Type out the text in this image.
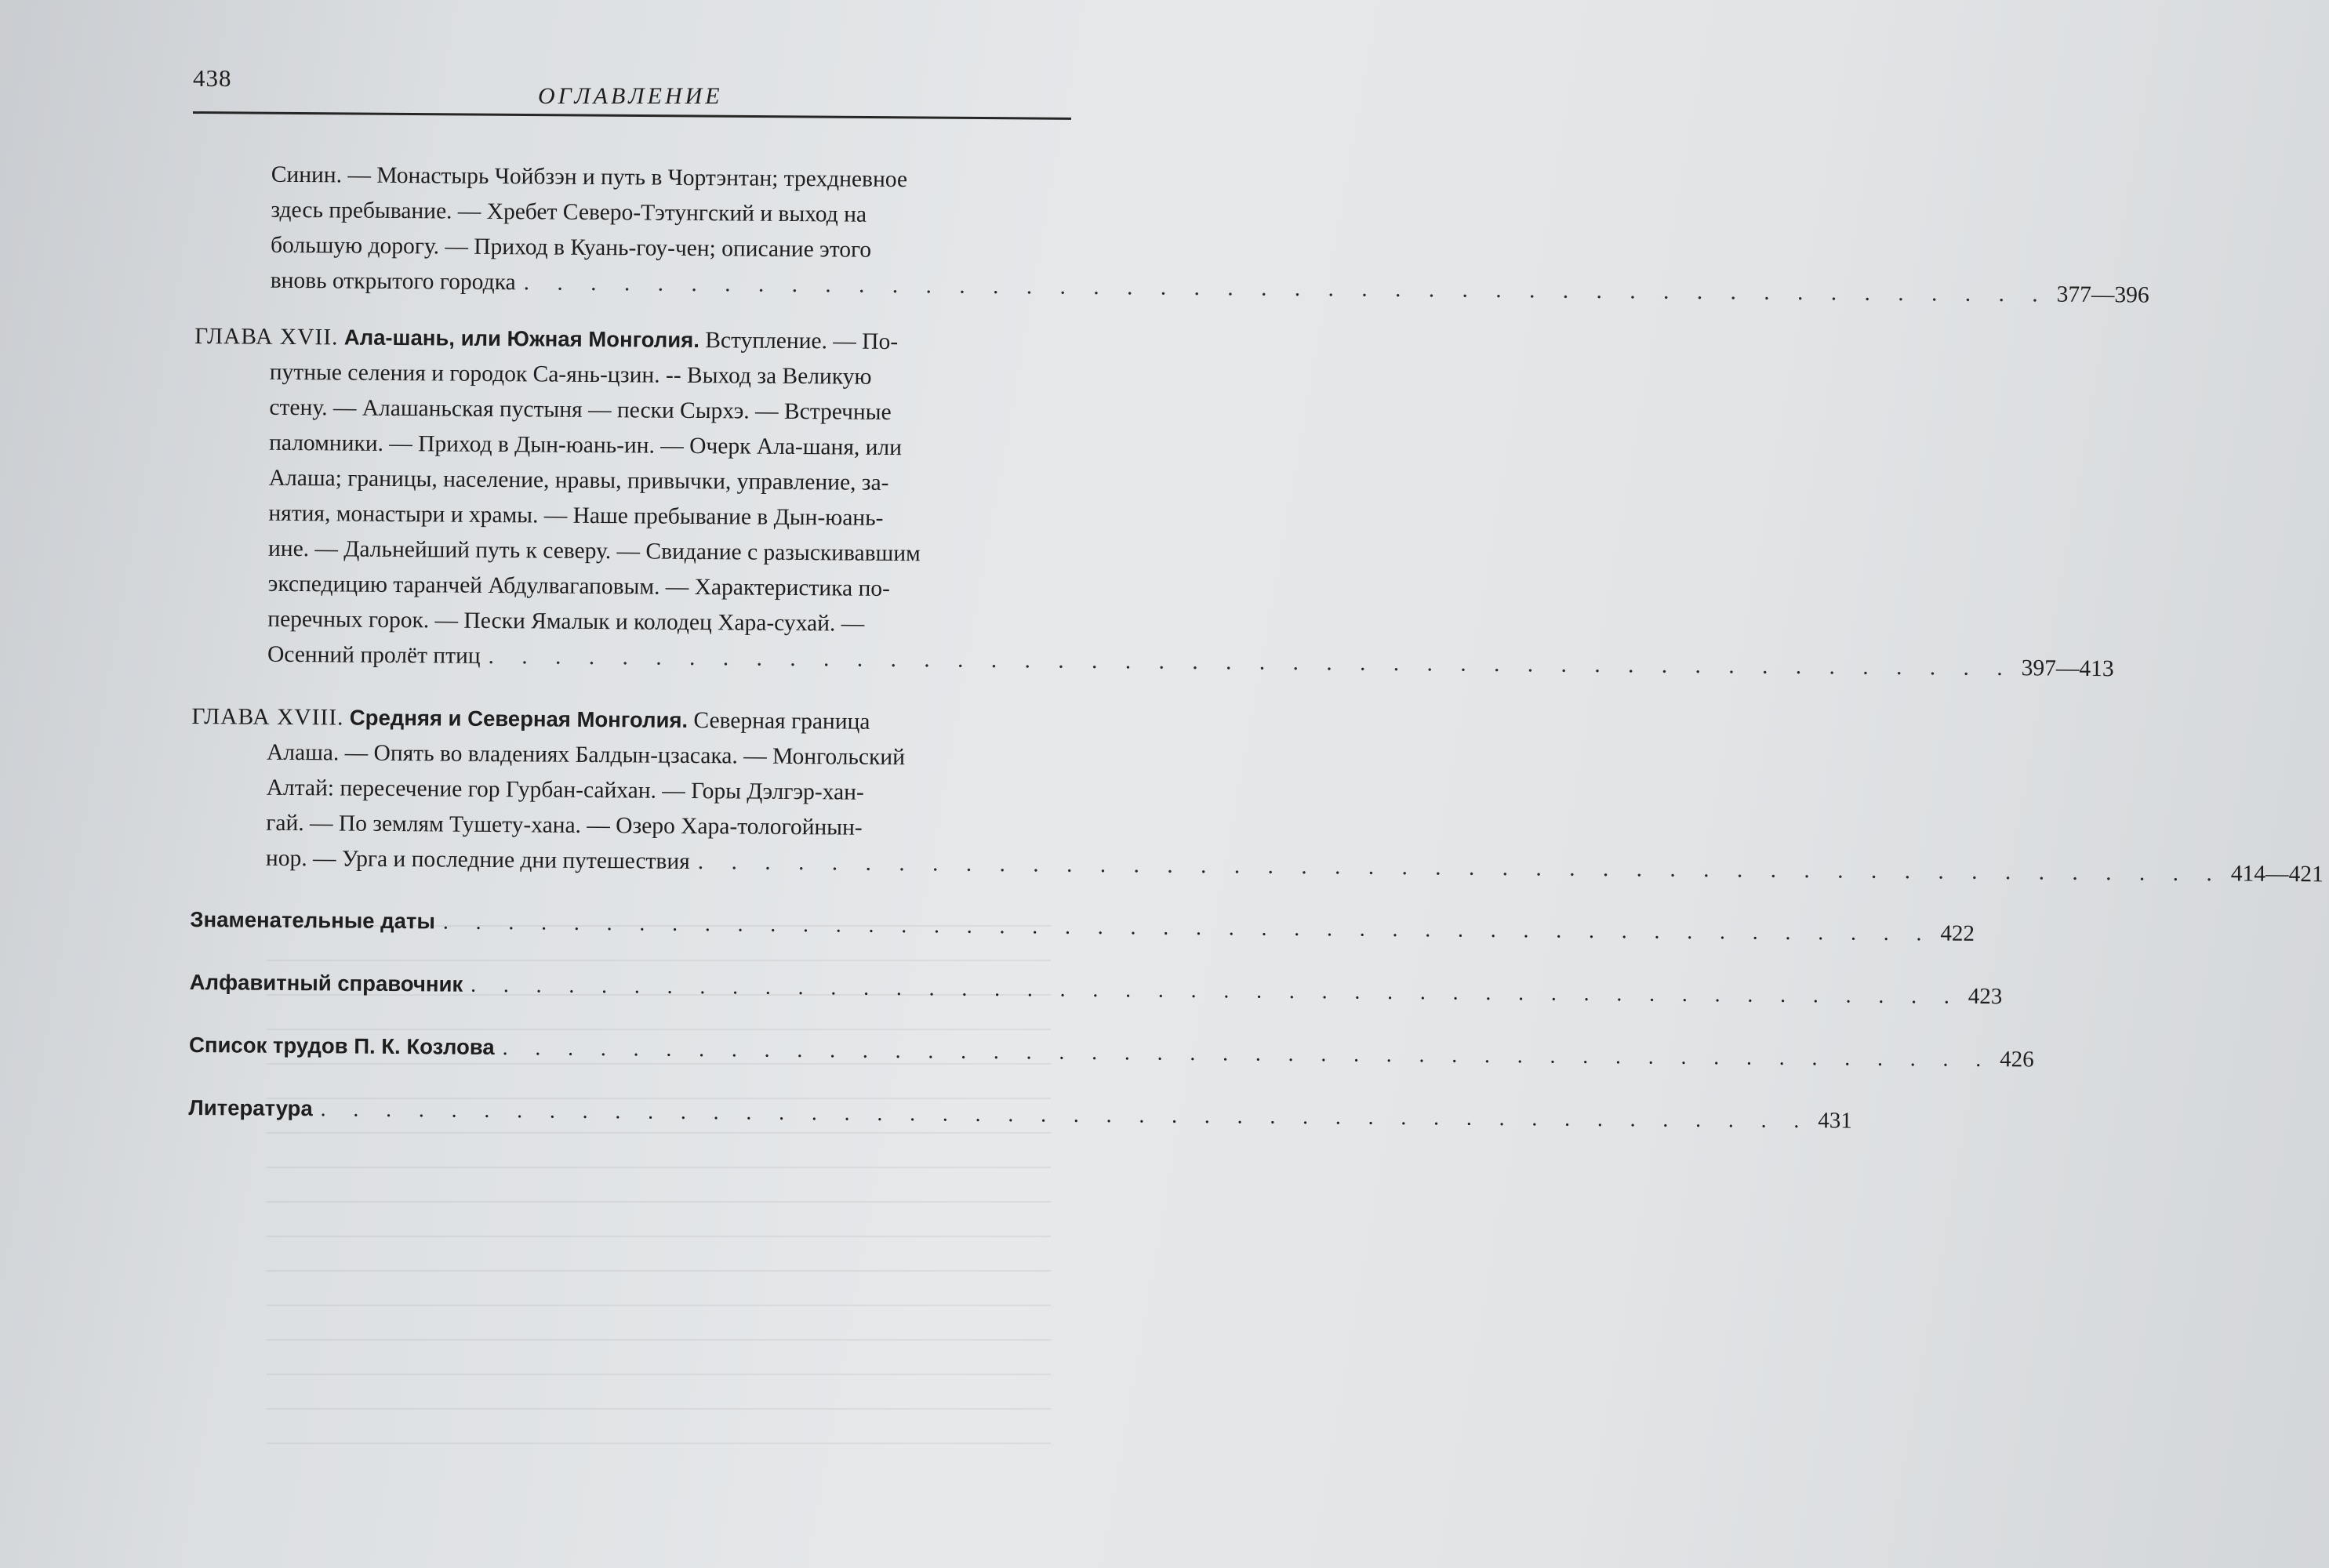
438
ОГЛАВЛЕНИЕ
Синин. — Монастырь Чойбзэн и путь в Чортэнтан; трехдневное
здесь пребывание. — Хребет Северо-Тэтунгский и выход на
большую дорогу. — Приход в Куань-гоу-чен; описание этого
вновь открытого городка . . . . . . . . . . . . . . . . . . . . . . . . . . . . . . . . . . . . . . . . . . . . . . 377—396
ГЛАВА XVII. Ала-шань, или Южная Монголия. Вступление. — По-
путные селения и городок Са-янь-цзин. -- Выход за Великую
стену. — Алашаньская пустыня — пески Сырхэ. — Встречные
паломники. — Приход в Дын-юань-ин. — Очерк Ала-шаня, или
Алаша; границы, население, нравы, привычки, управление, за-
нятия, монастыри и храмы. — Наше пребывание в Дын-юань-
ине. — Дальнейший путь к северу. — Свидание с разыскивавшим
экспедицию таранчей Абдулвагаповым. — Характеристика по-
перечных горок. — Пески Ямалык и колодец Хара-сухай. —
Осенний пролёт птиц . . . . . . . . . . . . . . . . . . . . . . . . . . . . . . . . . . . . . . . . . . . . . . 397—413
ГЛАВА XVIII. Средняя и Северная Монголия. Северная граница
Алаша. — Опять во владениях Балдын-цзасака. — Монгольский
Алтай: пересечение гор Гурбан-сайхан. — Горы Дэлгэр-хан-
гай. — По землям Тушету-хана. — Озеро Хара-тологойнын-
нор. — Урга и последние дни путешествия . . . . . . . . . . . . . . . . . . . . . . . . . . . . . . . . . . . . . . . . . . . . . . 414—421
Знаменательные даты . . . . . . . . . . . . . . . . . . . . . . . . . . . . . . . . . . . . . . . . . . . . . . 422
Алфавитный справочник . . . . . . . . . . . . . . . . . . . . . . . . . . . . . . . . . . . . . . . . . . . . . . 423
Список трудов П. К. Козлова . . . . . . . . . . . . . . . . . . . . . . . . . . . . . . . . . . . . . . . . . . . . . . 426
Литература . . . . . . . . . . . . . . . . . . . . . . . . . . . . . . . . . . . . . . . . . . . . . . 431
